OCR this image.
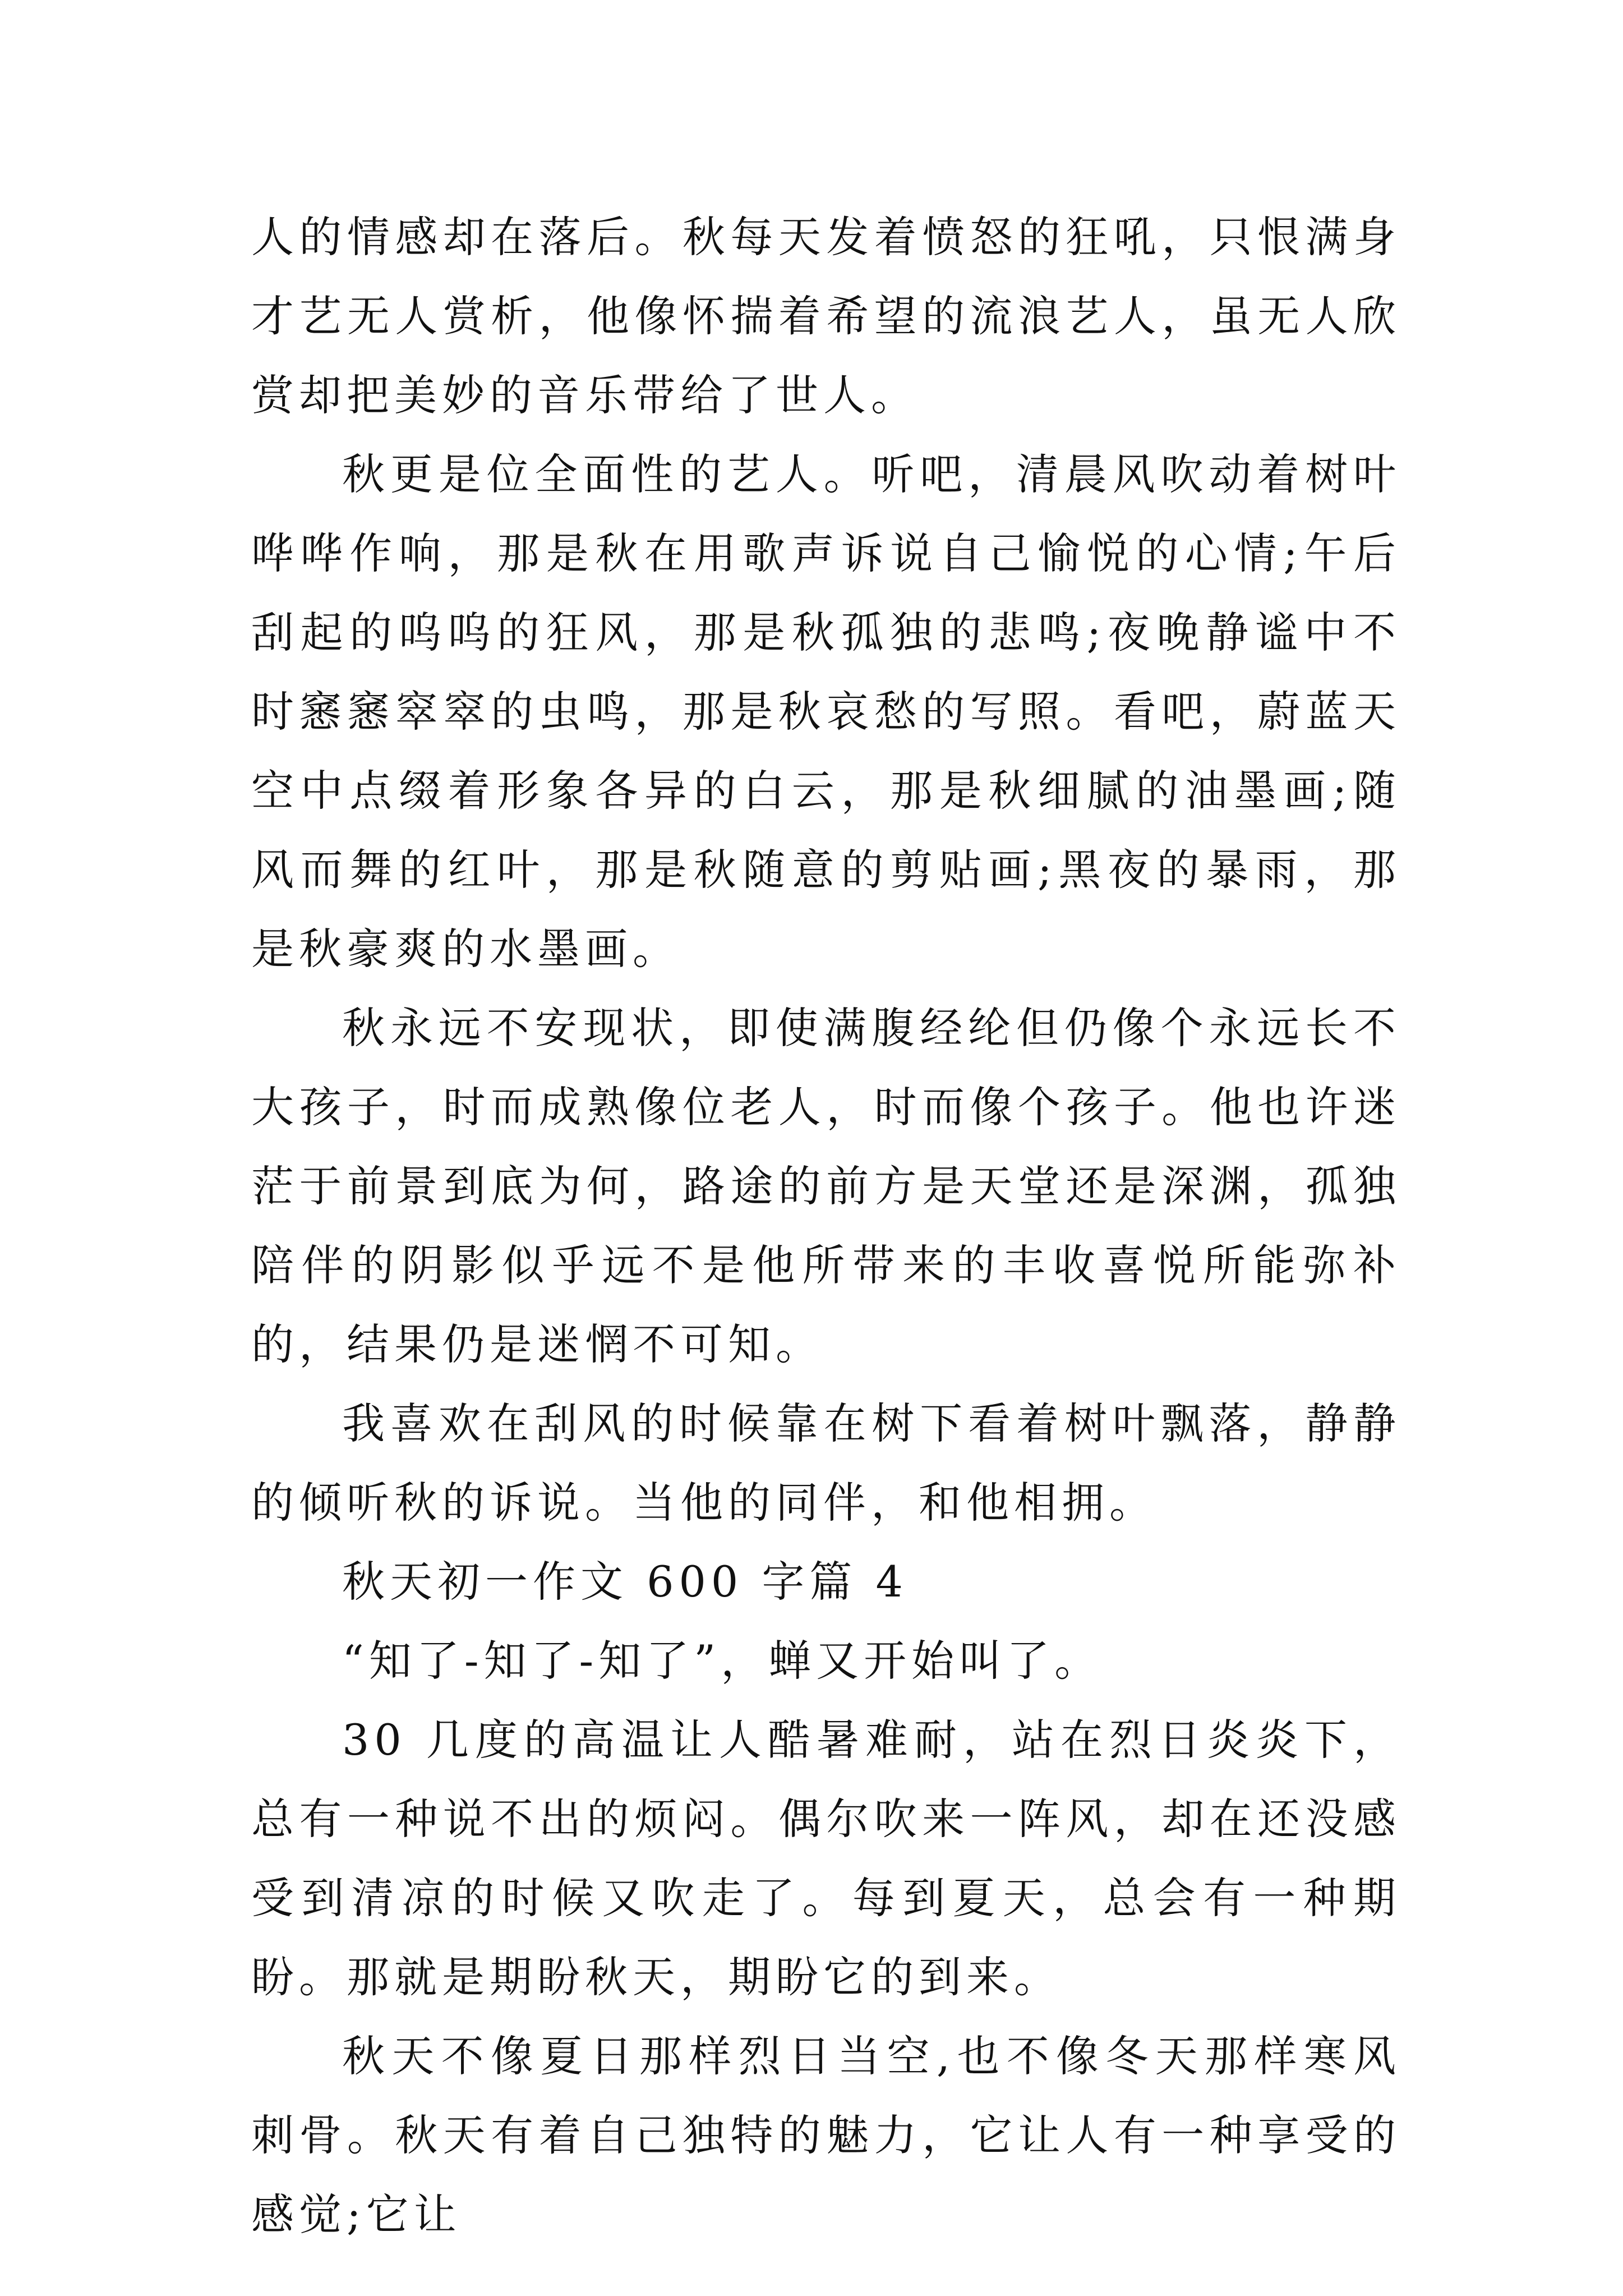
人的情感却在落后。秋每天发着愤怒的狂吼，只恨满身才艺无人赏析，他像怀揣着希望的流浪艺人，虽无人欣赏却把美妙的音乐带给了世人。

秋更是位全面性的艺人。听吧，清晨风吹动着树叶哗哗作响，那是秋在用歌声诉说自己愉悦的心情;午后刮起的呜呜的狂风，那是秋孤独的悲鸣;夜晚静谧中不时窸窸窣窣的虫鸣，那是秋哀愁的写照。看吧，蔚蓝天空中点缀着形象各异的白云，那是秋细腻的油墨画;随风而舞的红叶，那是秋随意的剪贴画;黑夜的暴雨，那是秋豪爽的水墨画。

秋永远不安现状，即使满腹经纶但仍像个永远长不大孩子，时而成熟像位老人，时而像个孩子。他也许迷茫于前景到底为何，路途的前方是天堂还是深渊，孤独陪伴的阴影似乎远不是他所带来的丰收喜悦所能弥补的，结果仍是迷惘不可知。

我喜欢在刮风的时候靠在树下看着树叶飘落，静静的倾听秋的诉说。当他的同伴，和他相拥。

秋天初一作文 600 字篇 4

“知了-知了-知了”，蝉又开始叫了。

30 几度的高温让人酷暑难耐，站在烈日炎炎下，总有一种说不出的烦闷。偶尔吹来一阵风，却在还没感受到清凉的时候又吹走了。每到夏天，总会有一种期盼。那就是期盼秋天，期盼它的到来。

秋天不像夏日那样烈日当空,也不像冬天那样寒风刺骨。秋天有着自己独特的魅力，它让人有一种享受的感觉;它让
